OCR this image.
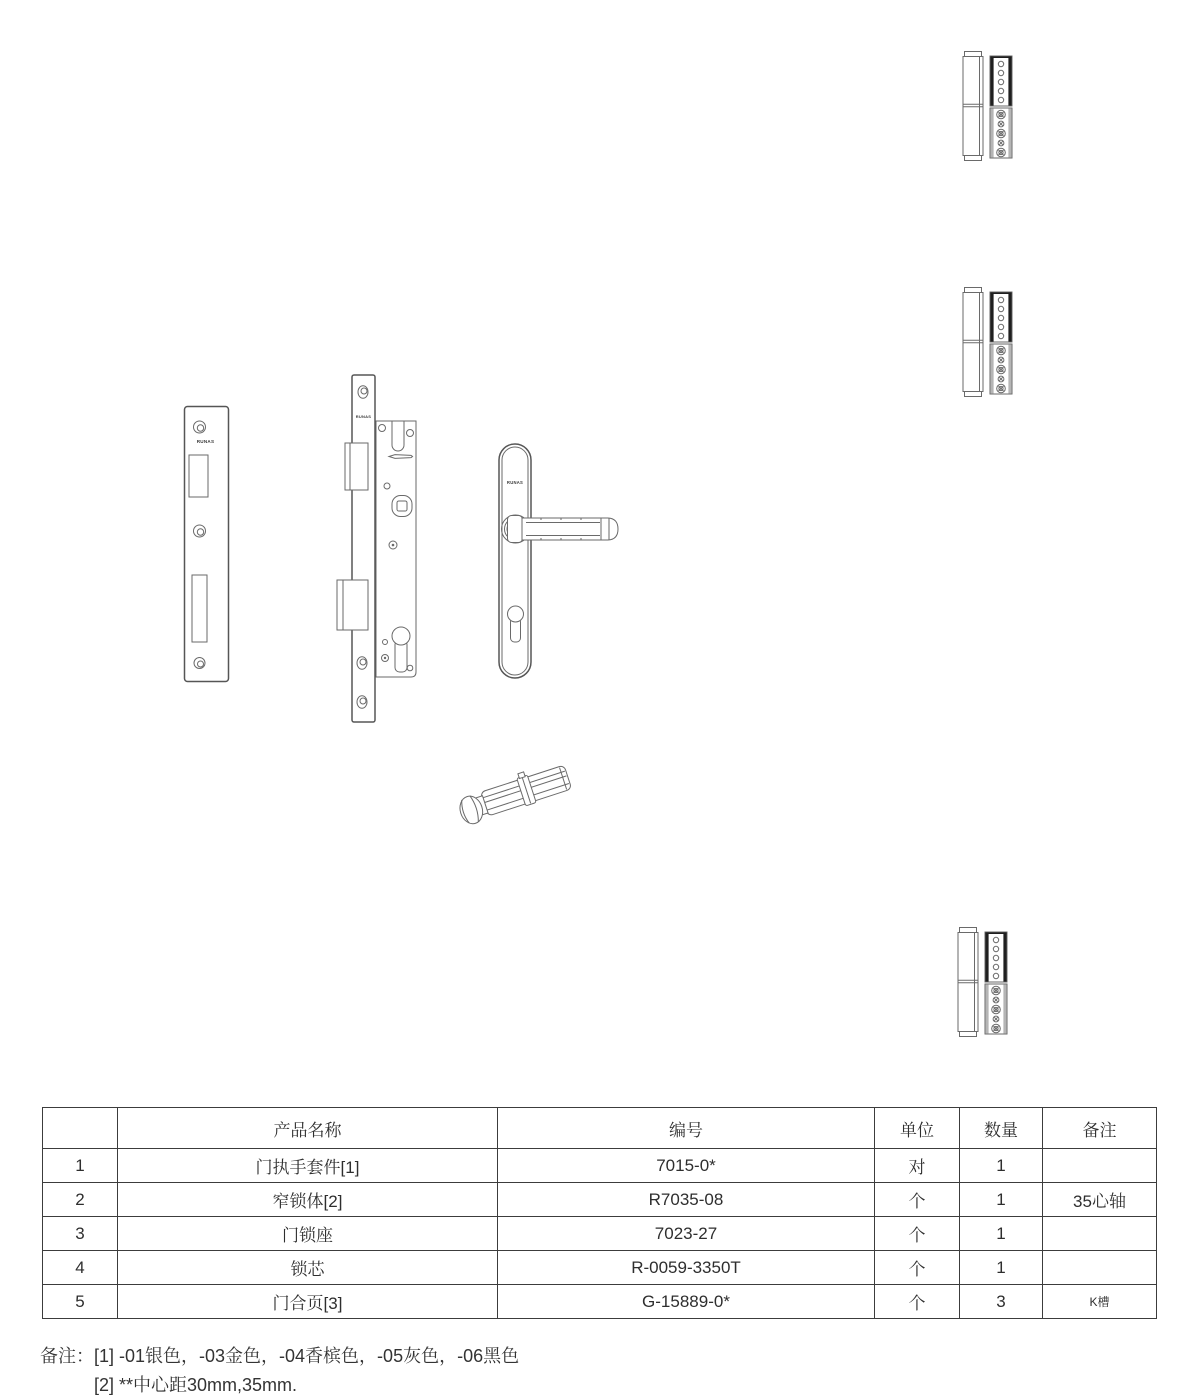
RUNAS
RUNAS
RUNAS
	产品名称	编号	单位	数量	备注
1	门执手套件[1]	7015-0*	对	1	
2	窄锁体[2]	R7035-08	个	1	35心轴
3	门锁座	7023-27	个	1	
4	锁芯	R-0059-3350T	个	1	
5	门合页[3]	G-15889-0*	个	3	K槽
备注： [1] -01银色，-03金色，-04香槟色，-05灰色，-06黑色
[2] **中心距30mm,35mm.
